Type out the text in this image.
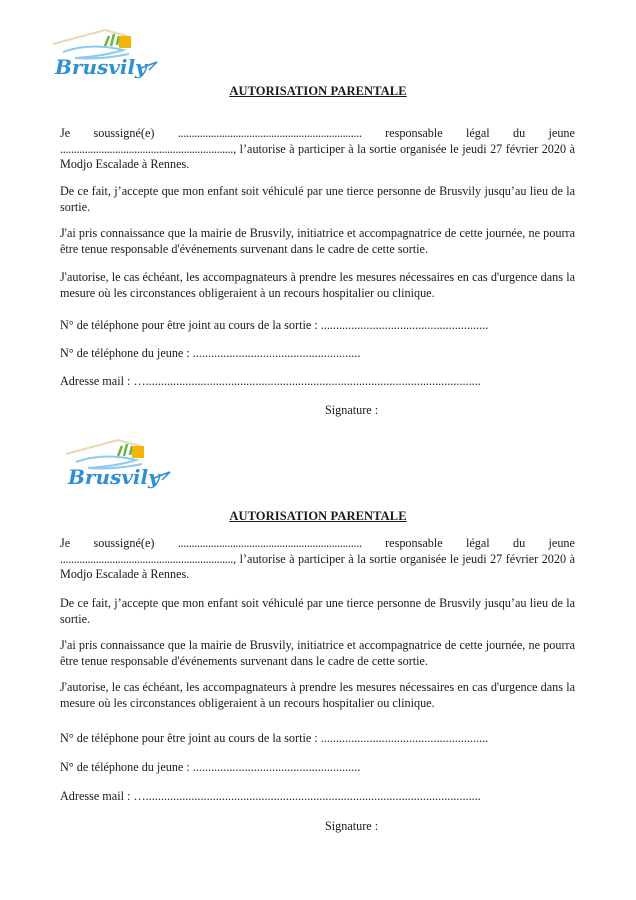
Brusvily
AUTORISATION PARENTALE
Je soussigné(e) ................................................................... responsable légal du jeune
..............................................................., l’autorise à participer à la sortie organisée le jeudi 27 février 2020 à Modjo Escalade à Rennes.
De ce fait, j’accepte que mon enfant soit véhiculé par une tierce personne de Brusvily jusqu’au lieu de la sortie.
J'ai pris connaissance que la mairie de Brusvily, initiatrice et accompagnatrice de cette journée, ne pourra être tenue responsable d'événements survenant dans le cadre de cette sortie.
J'autorise, le cas échéant, les accompagnateurs à prendre les mesures nécessaires en cas d'urgence dans la mesure où les circonstances obligeraient à un recours hospitalier ou clinique.
N° de téléphone pour être joint au cours de la sortie : .......................................................
N° de téléphone du jeune : .......................................................
Adresse mail : …..............................................................................................................
Signature :
Brusvily
AUTORISATION PARENTALE
Je soussigné(e) ................................................................... responsable légal du jeune
..............................................................., l’autorise à participer à la sortie organisée le jeudi 27 février 2020 à Modjo Escalade à Rennes.
De ce fait, j’accepte que mon enfant soit véhiculé par une tierce personne de Brusvily jusqu’au lieu de la sortie.
J'ai pris connaissance que la mairie de Brusvily, initiatrice et accompagnatrice de cette journée, ne pourra être tenue responsable d'événements survenant dans le cadre de cette sortie.
J'autorise, le cas échéant, les accompagnateurs à prendre les mesures nécessaires en cas d'urgence dans la mesure où les circonstances obligeraient à un recours hospitalier ou clinique.
N° de téléphone pour être joint au cours de la sortie : .......................................................
N° de téléphone du jeune : .......................................................
Adresse mail : …..............................................................................................................
Signature :
